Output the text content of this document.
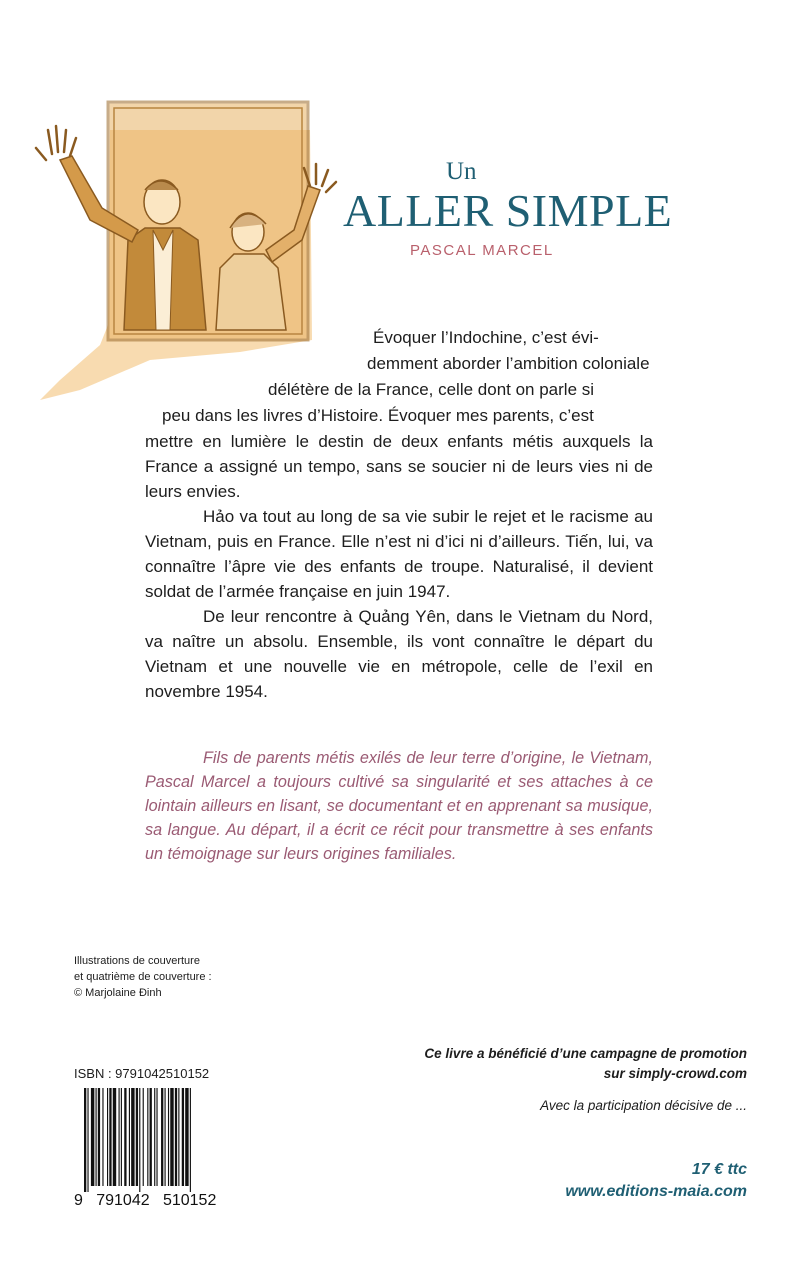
Un
ALLER SIMPLE
PASCAL MARCEL
Évoquer l’Indochine, c’est évi-
demment aborder l’ambition coloniale
délétère de la France, celle dont on parle si
peu dans les livres d’Histoire. Évoquer mes parents, c’est

mettre en lumière le destin de deux enfants métis auxquels la France a assigné un tempo, sans se soucier ni de leurs vies ni de leurs envies.

Hảo va tout au long de sa vie subir le rejet et le racisme au Vietnam, puis en France. Elle n’est ni d’ici ni d’ailleurs. Tiến, lui, va connaître l’âpre vie des enfants de troupe. Naturalisé, il devient soldat de l’armée française en juin 1947.

De leur rencontre à Quảng Yên, dans le Vietnam du Nord, va naître un absolu. Ensemble, ils vont connaître le départ du Vietnam et une nouvelle vie en métropole, celle de l’exil en novembre 1954.

Fils de parents métis exilés de leur terre d’origine, le Vietnam, Pascal Marcel a toujours cultivé sa singularité et ses attaches à ce lointain ailleurs en lisant, se documentant et en apprenant sa musique, sa langue. Au départ, il a écrit ce récit pour transmettre à ses enfants un témoignage sur leurs origines familiales.
Illustrations de couverture
et quatrième de couverture :
© Marjolaine Đinh
ISBN : 9791042510152
9   791042   510152
Ce livre a bénéficié d’une campagne de promotion
sur simply-crowd.com
Avec la participation décisive de ...
17 € ttc
www.editions-maia.com
